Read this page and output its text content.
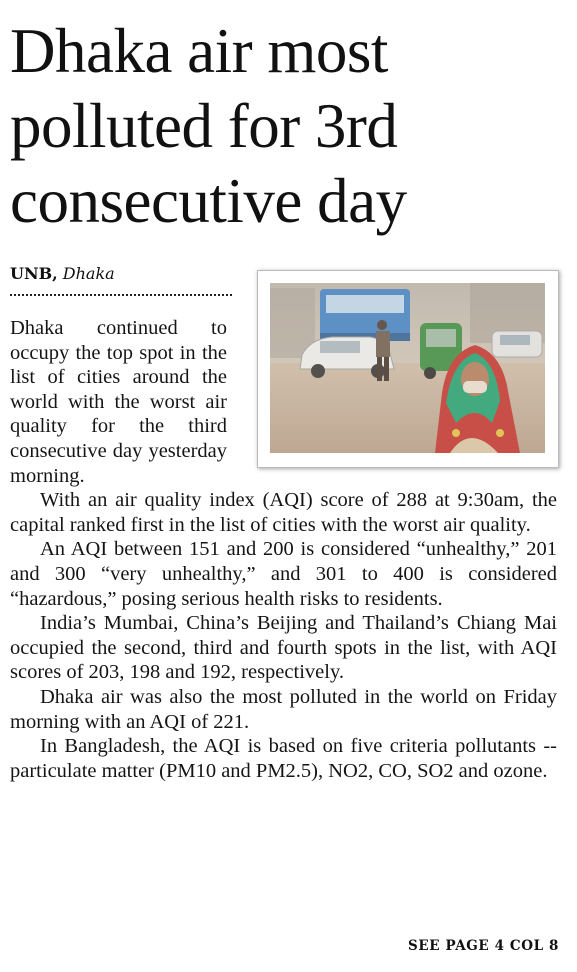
Dhaka air most
polluted for 3rd
consecutive day
UNB, Dhaka

Dhaka continued to occupy the top spot in the list of cities around the world with the worst air quality for the third consecutive day yesterday morning.

With an air quality index (AQI) score of 288 at 9:30am, the capital ranked first in the list of cities with the worst air quality.

An AQI between 151 and 200 is considered “unhealthy,” 201 and 300 “very unhealthy,” and 301 to 400 is considered “hazardous,” posing serious health risks to residents.

India’s Mumbai, China’s Beijing and Thailand’s Chiang Mai occupied the second, third and fourth spots in the list, with AQI scores of 203, 198 and 192, respectively.

Dhaka air was also the most polluted in the world on Friday morning with an AQI of 221.

In Bangladesh, the AQI is based on five criteria pollutants -- particulate matter (PM10 and PM2.5), NO2, CO, SO2 and ozone.

SEE PAGE 4 COL 8
